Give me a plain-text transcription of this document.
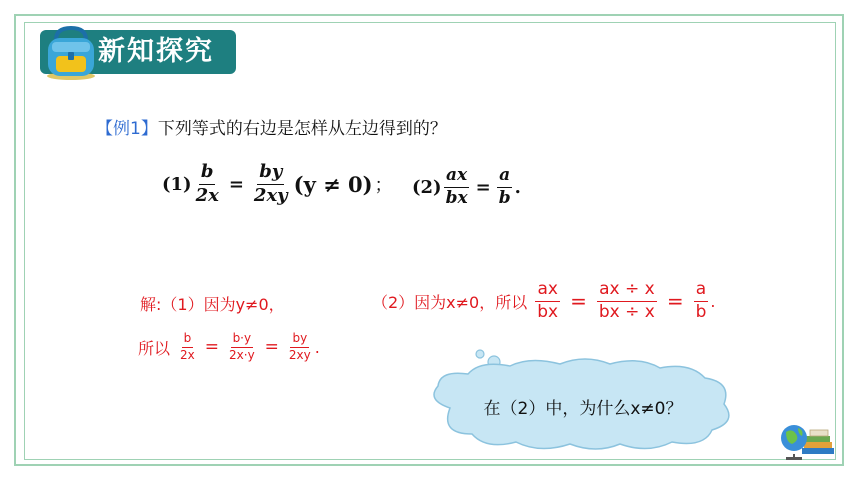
新知探究
【例1】下列等式的右边是怎样从左边得到的？
$(1) \frac{b}{2x} = \frac{by}{2xy} (y \ne 0)$ ； $(2) \frac{ax}{bx} = \frac{a}{b}$ .
解:（1）因为y≠0，
所以 $\frac{b}{2x} = \frac{b\cdot y}{2x\cdot y} = \frac{by}{2xy}$ .
（2）因为x≠0，所以 $\frac{ax}{bx} = \frac{ax \div x}{bx \div x} = \frac{a}{b}$ .
在（2）中，为什么x≠0？
